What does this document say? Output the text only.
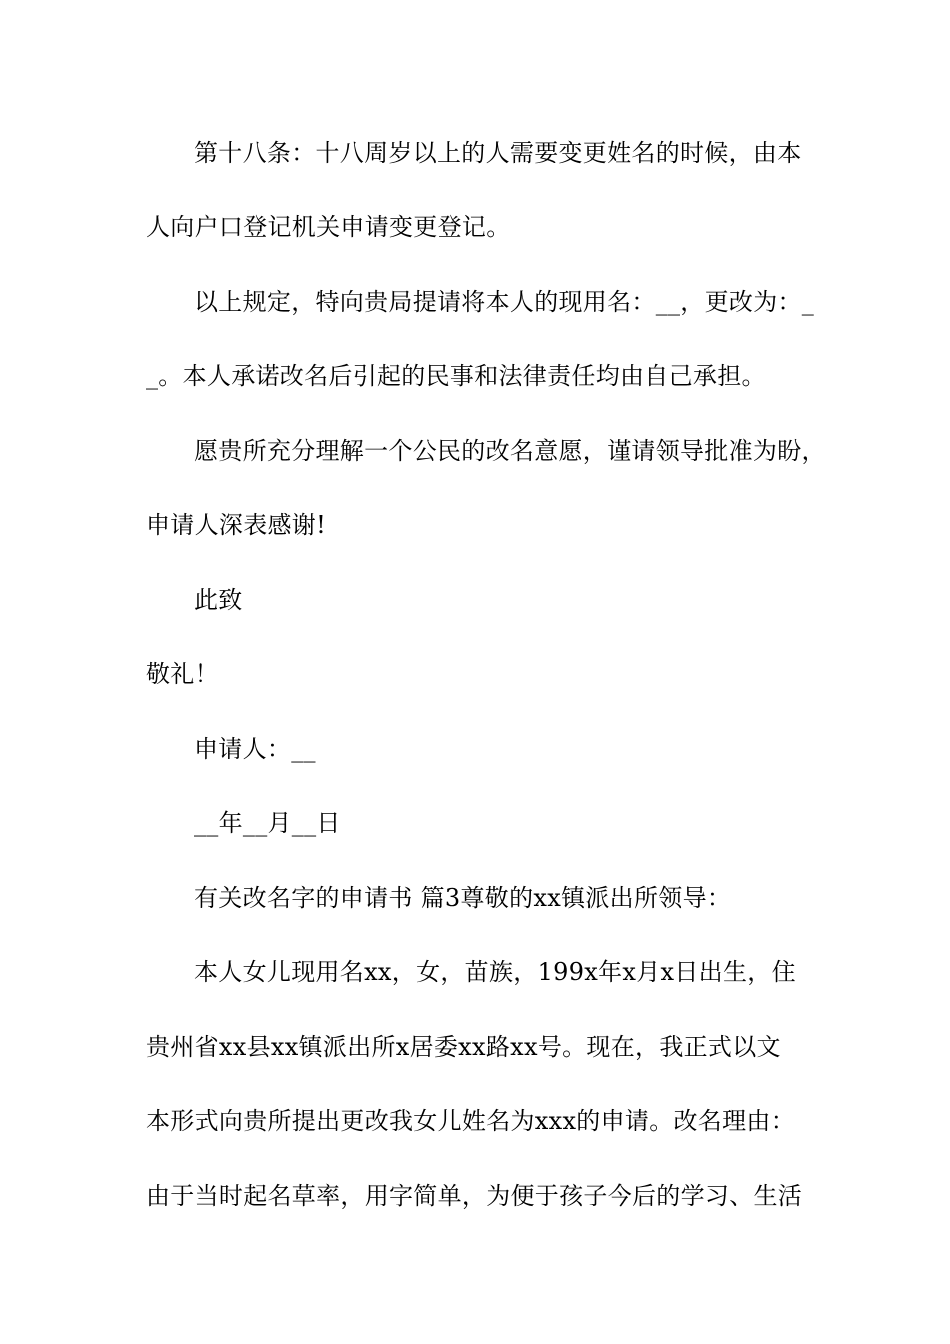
第十八条：十八周岁以上的人需要变更姓名的时候，由本
人向户口登记机关申请变更登记。
以上规定，特向贵局提请将本人的现用名：__，更改为：_
_。本人承诺改名后引起的民事和法律责任均由自己承担。
愿贵所充分理解一个公民的改名意愿，谨请领导批准为盼，
申请人深表感谢!
此致
敬礼！
申请人：__
__年__月__日
有关改名字的申请书 篇3尊敬的xx镇派出所领导：
本人女儿现用名xx，女，苗族，199x年x月x日出生，住
贵州省xx县xx镇派出所x居委xx路xx号。现在，我正式以文
本形式向贵所提出更改我女儿姓名为xxx的申请。改名理由：
由于当时起名草率，用字简单，为便于孩子今后的学习、生活
